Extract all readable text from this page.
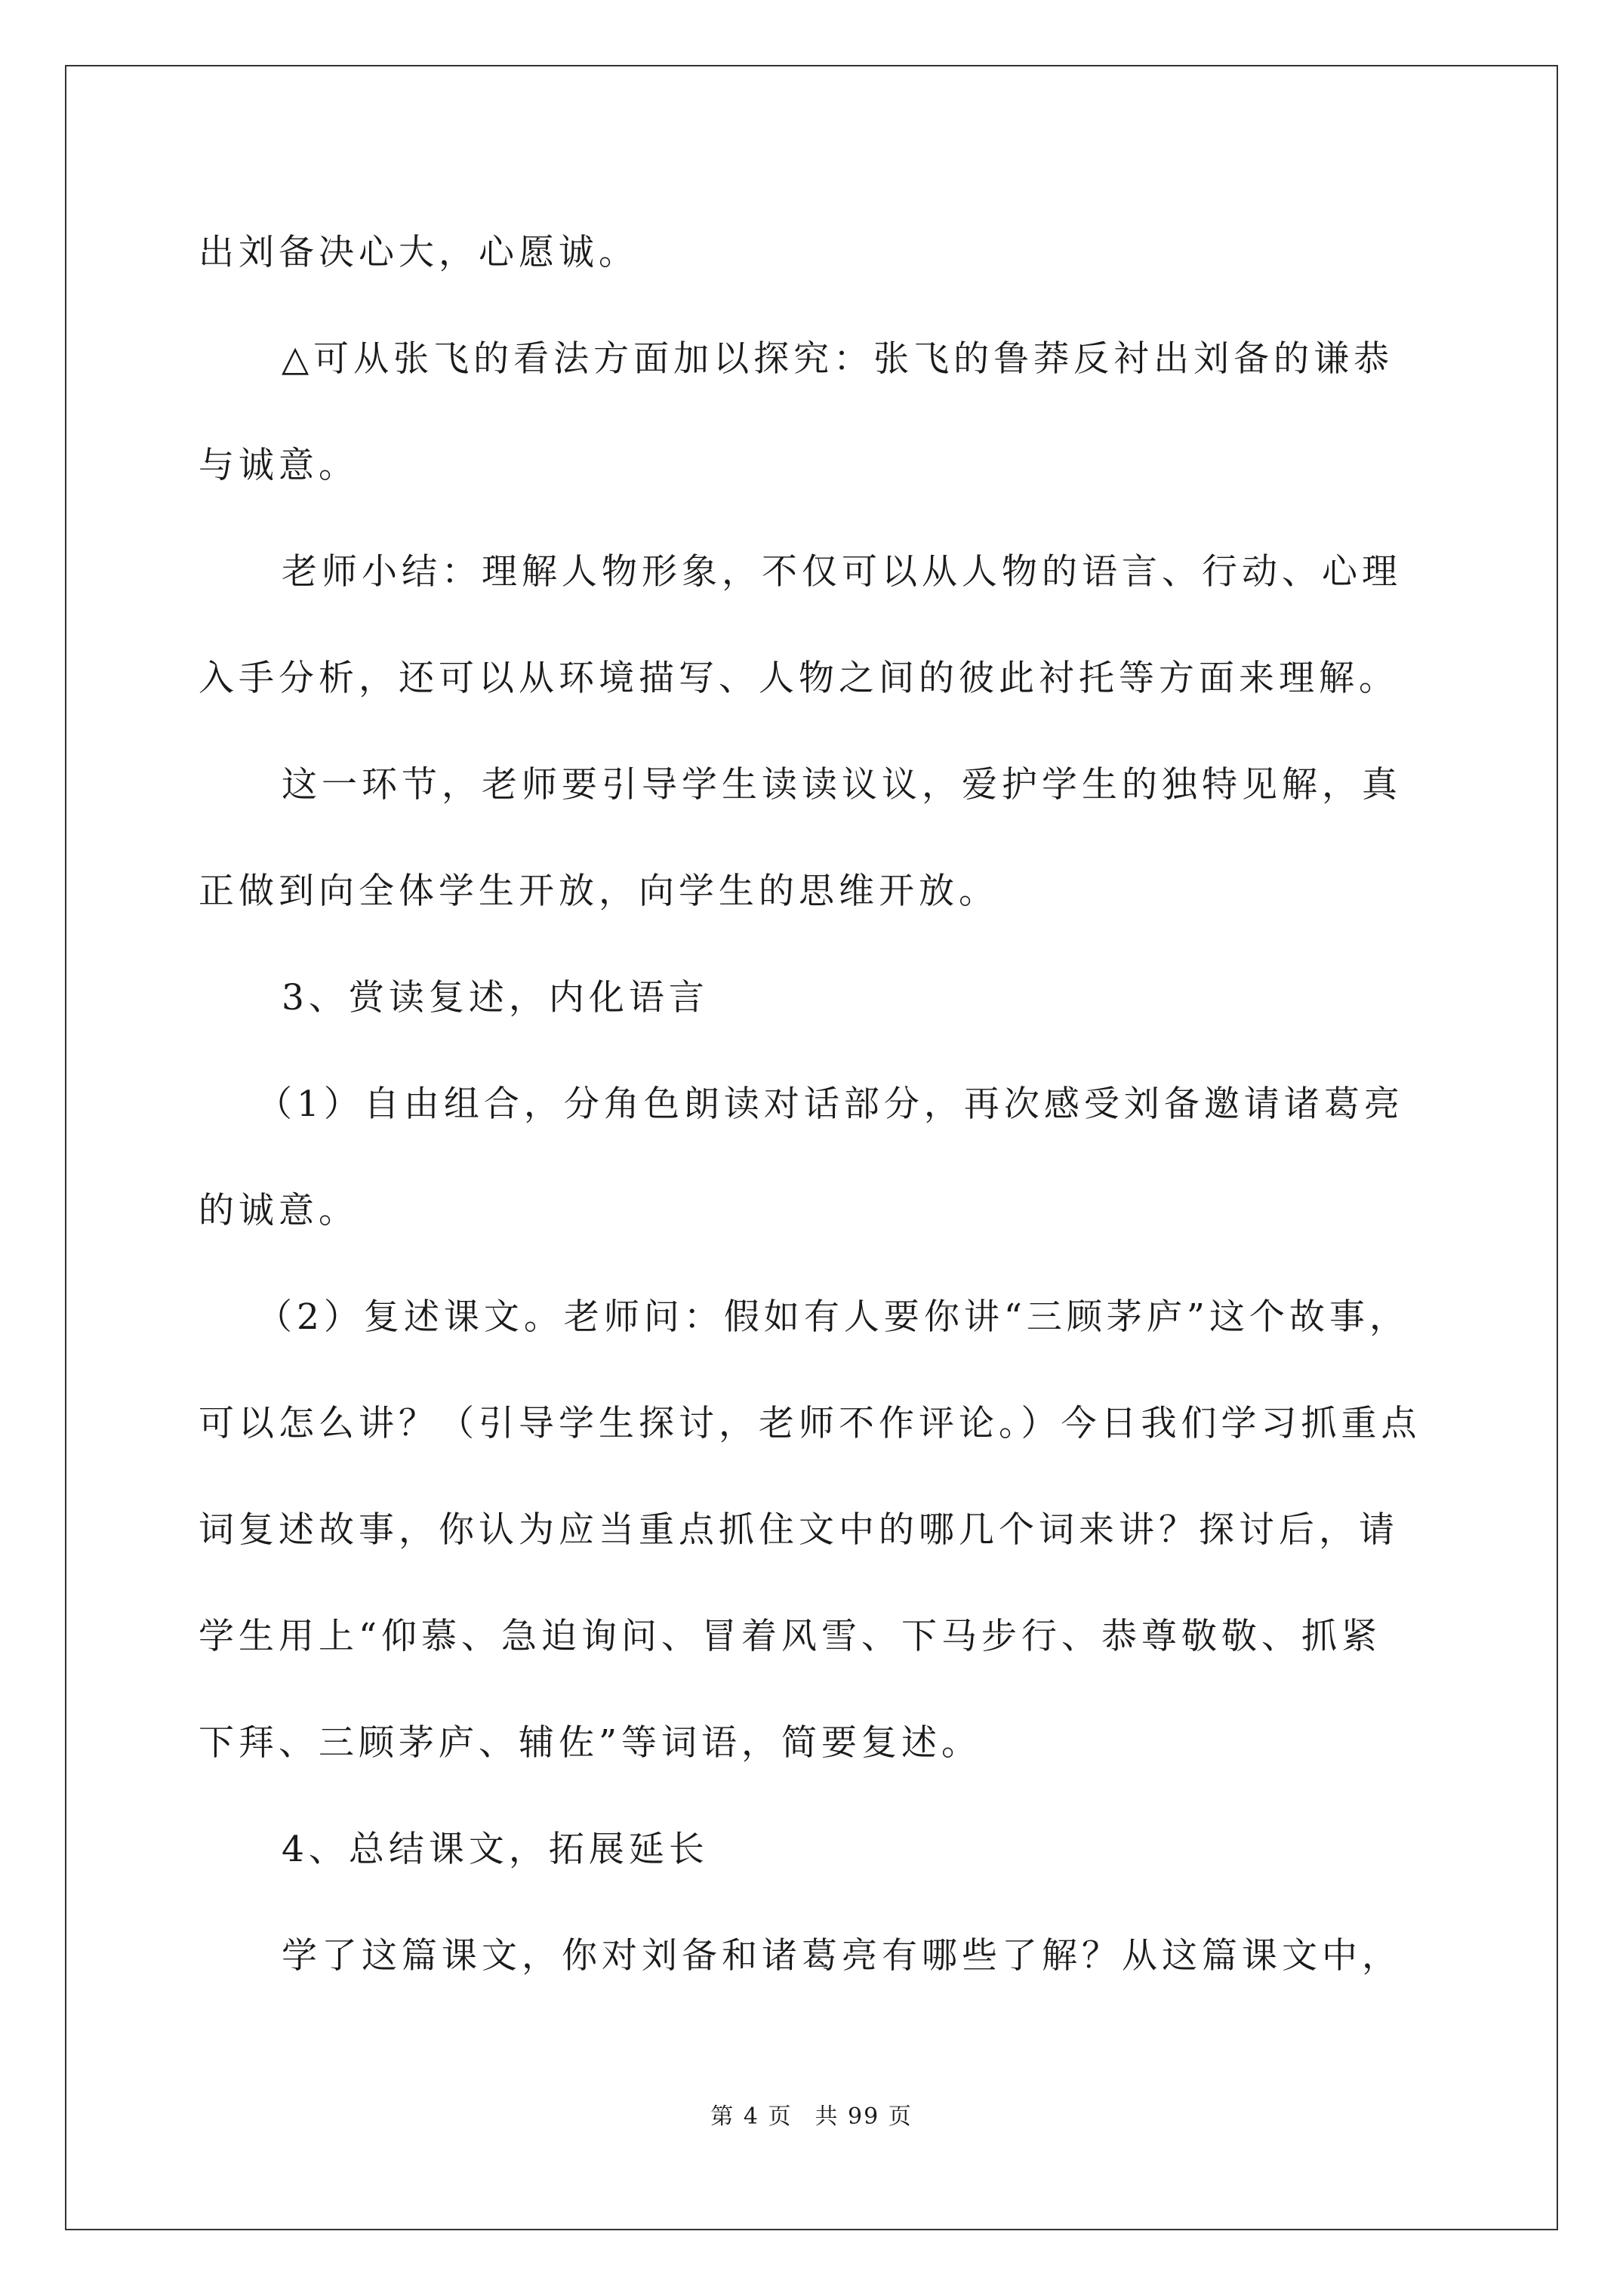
出刘备决心大，心愿诚。
△可从张飞的看法方面加以探究：张飞的鲁莽反衬出刘备的谦恭
与诚意。
老师小结：理解人物形象，不仅可以从人物的语言、行动、心理
入手分析，还可以从环境描写、人物之间的彼此衬托等方面来理解。
这一环节，老师要引导学生读读议议，爱护学生的独特见解，真
正做到向全体学生开放，向学生的思维开放。
3、赏读复述，内化语言
（1）自由组合，分角色朗读对话部分，再次感受刘备邀请诸葛亮
的诚意。
（2）复述课文。老师问：假如有人要你讲“三顾茅庐”这个故事，
可以怎么讲？（引导学生探讨，老师不作评论。）今日我们学习抓重点
词复述故事，你认为应当重点抓住文中的哪几个词来讲？探讨后，请
学生用上“仰慕、急迫询问、冒着风雪、下马步行、恭尊敬敬、抓紧
下拜、三顾茅庐、辅佐”等词语，简要复述。
4、总结课文，拓展延长
学了这篇课文，你对刘备和诸葛亮有哪些了解？从这篇课文中，
第 4 页 共 99 页
